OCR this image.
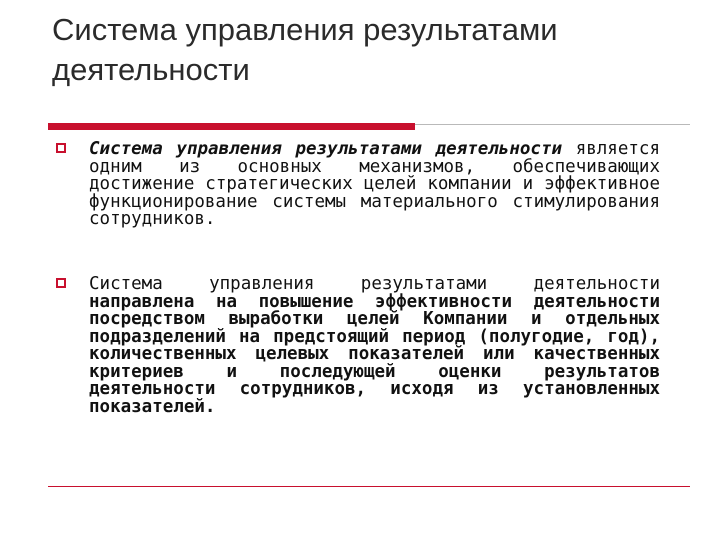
Система управления результатами деятельности
Система управления результатами деятельности является одним из основных механизмов, обеспечивающих достижение стратегических целей компании и эффективное функционирование системы материального стимулирования сотрудников.
Система управления результатами деятельности направлена на повышение эффективности деятельности посредством выработки целей Компании и отдельных подразделений на предстоящий период (полугодие, год), количественных целевых показателей или качественных критериев и последующей оценки результатов деятельности сотрудников, исходя из установленных показателей.
